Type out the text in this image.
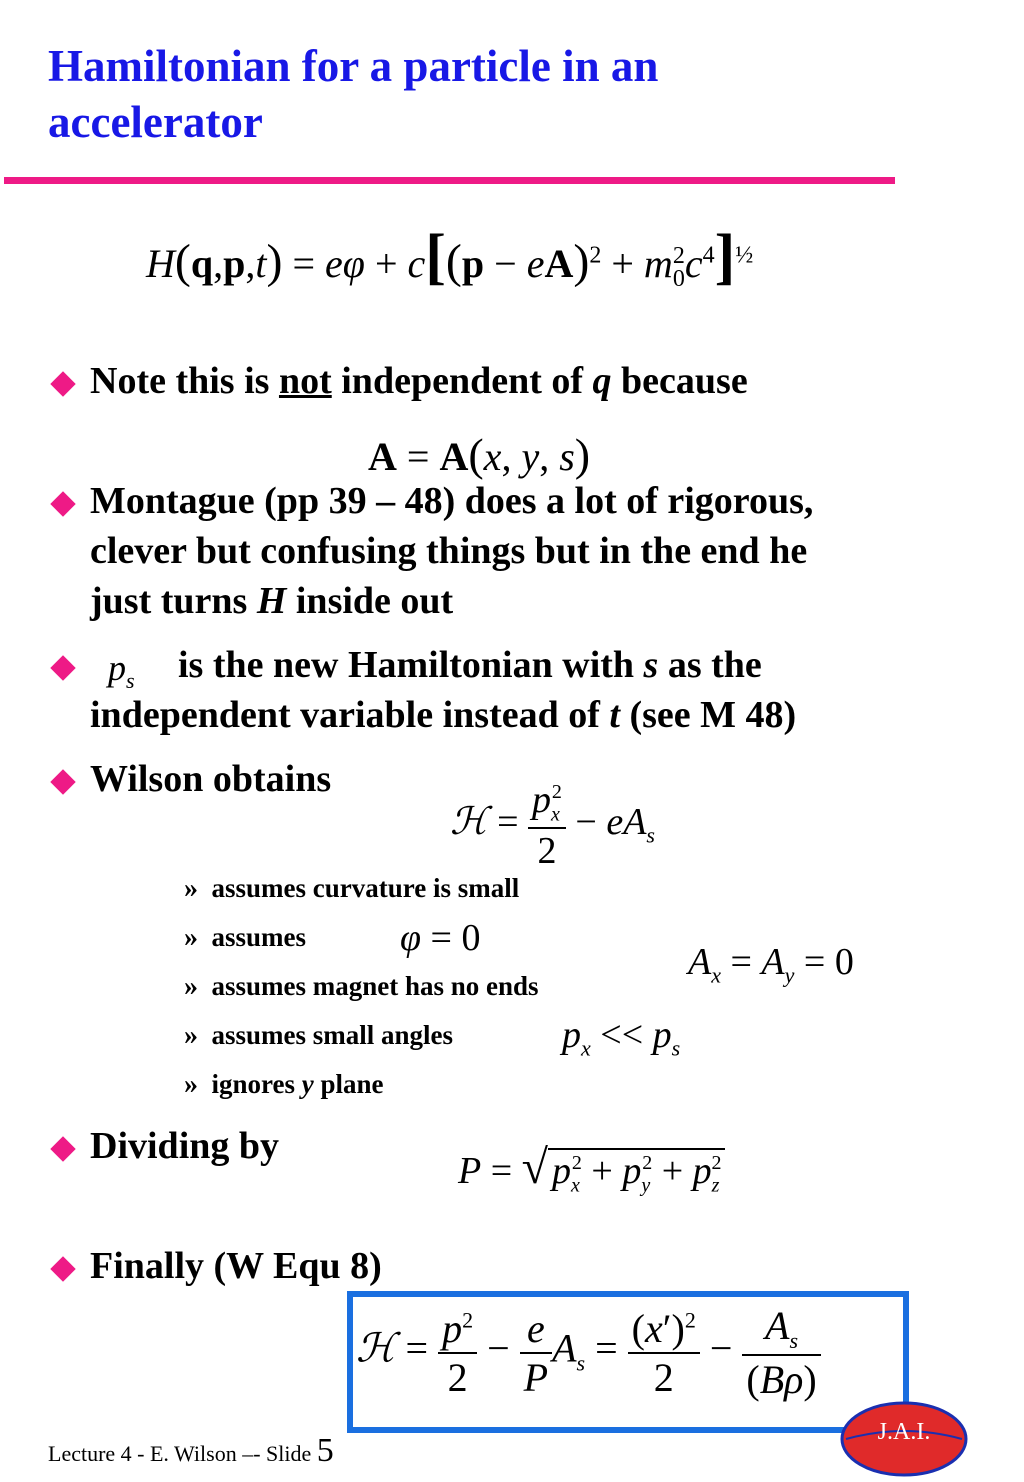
Hamiltonian for a particle in an
accelerator
$H(q,p,t) = e\varphi + c[(p - eA)^2 + m_0^2c^4]^{\frac{1}{2}}$
Note this is not independent of q because
A = A(x, y, s)
Montague (pp 39 – 48) does a lot of rigorous,
clever but confusing things but in the end he
just turns H inside out
$p_s$	is the new Hamiltonian with s as the
independent variable instead of t (see M 48)
Wilson obtains
ℋ = $\frac{p_x^2}{2} - eA_s$
» assumes curvature is small
» assumes φ = 0
$A_x = A_y = 0$
» assumes magnet has no ends
» assumes small angles	$p_x << p_s$
» ignores y plane
Dividing by
P = √ $p_x^2 + p_y^2 + p_z^2$
Finally (W Equ 8)
ℋ = $\frac{p^2}{2} - \frac{e}{P} A_s = \frac{(x')^2}{2} - \frac{A_s}{(B\rho)}$
Lecture 4 - E. Wilson –- Slide 5	J.A.I.
